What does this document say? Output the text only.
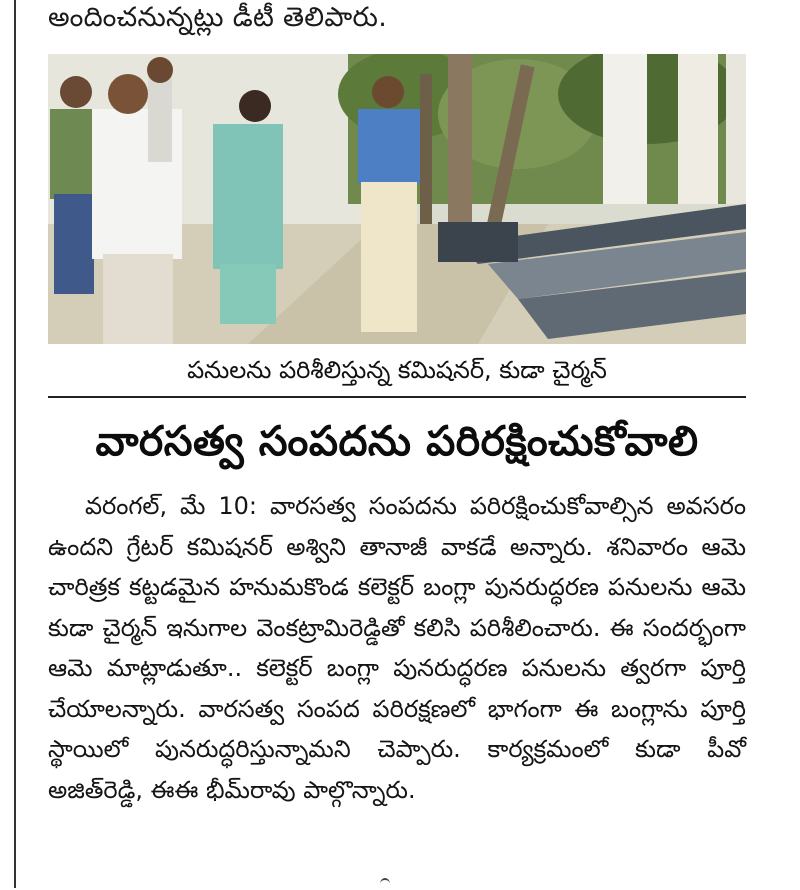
అందించనున్నట్లు డీటీ తెలిపారు.
పనులను పరిశీలిస్తున్న కమిషనర్, కుడా చైర్మన్
వారసత్వ సంపదను పరిరక్షించుకోవాలి
  వరంగల్, మే 10: వారసత్వ సంపదను పరిరక్షించుకోవాల్సిన అవసరం ఉందని గ్రేటర్ కమిషనర్ అశ్విని తానాజీ వాకడే అన్నారు. శనివారం ఆమె చారిత్రక కట్టడమైన హనుమకొండ కలెక్టర్ బంగ్లా పునరుద్ధరణ పనులను ఆమె కుడా చైర్మన్ ఇనుగాల వెంకట్రామిరెడ్డితో కలిసి పరిశీలించారు. ఈ సందర్భంగా ఆమె మాట్లాడుతూ.. కలెక్టర్ బంగ్లా పునరుద్ధరణ పనులను త్వరగా పూర్తి చేయాలన్నారు. వారసత్వ సంపద పరిరక్షణలో భాగంగా ఈ బంగ్లాను పూర్తి స్థాయిలో పునరుద్ధరిస్తున్నామని చెప్పారు. కార్యక్రమంలో కుడా పీవో అజిత్‌రెడ్డి, ఈఈ భీమ్‌రావు పాల్గొన్నారు.
